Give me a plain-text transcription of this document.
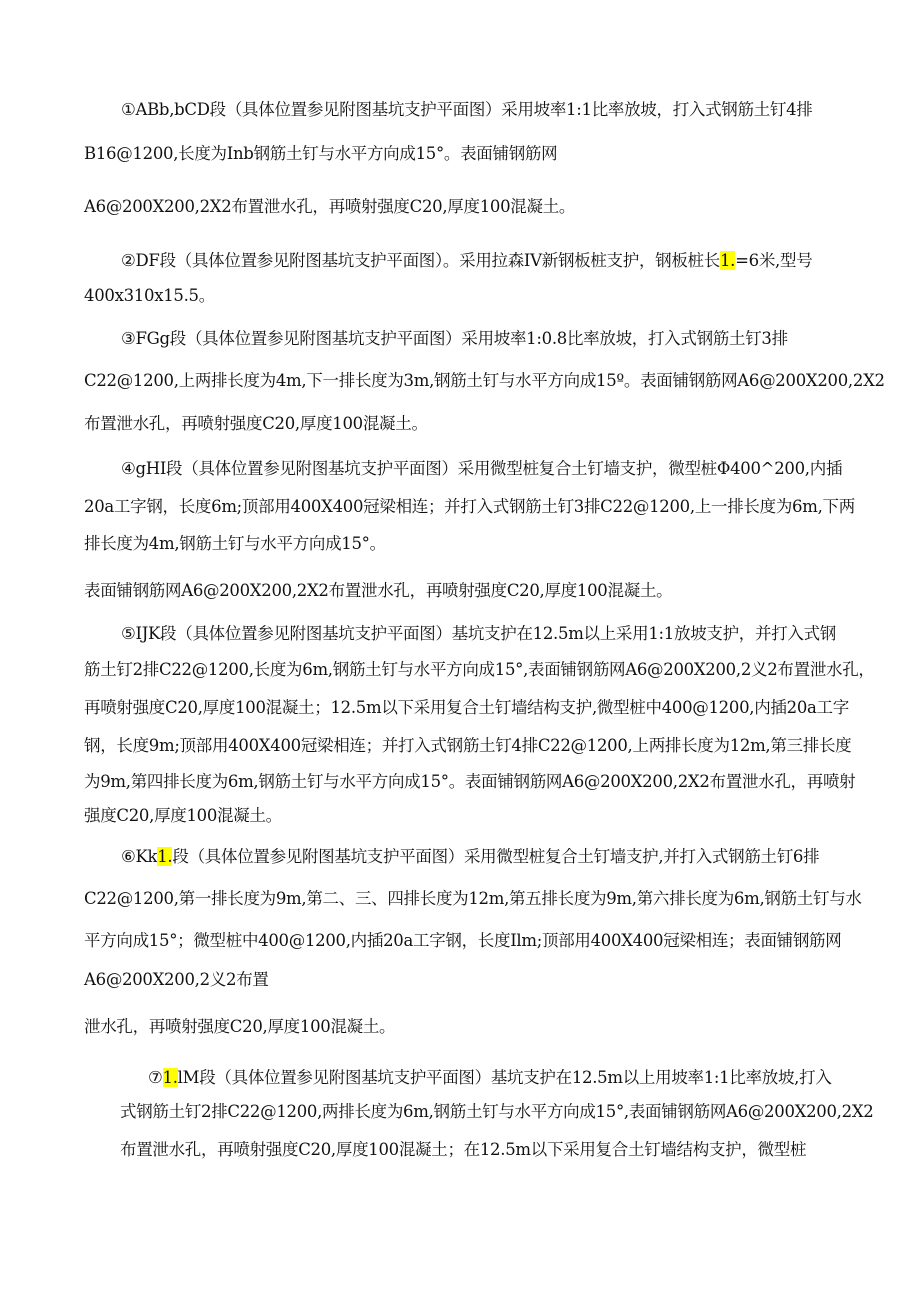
①ABb,bCD段（具体位置参见附图基坑支护平面图）采用坡率1:1比率放坡，打入式钢筋土钉4排
B16@1200,长度为Inb钢筋土钉与水平方向成15°。表面铺钢筋网
A6@200X200,2X2布置泄水孔，再喷射强度C20,厚度100混凝土。
②DF段（具体位置参见附图基坑支护平面图）。采用拉森IV新钢板桩支护，钢板桩长1.=6米,型号
400x310x15.5。
③FGg段（具体位置参见附图基坑支护平面图）采用坡率1:0.8比率放坡，打入式钢筋土钉3排
C22@1200,上两排长度为4m,下一排长度为3m,钢筋土钉与水平方向成15º。表面铺钢筋网A6@200X200,2X2
布置泄水孔，再喷射强度C20,厚度100混凝土。
④gHI段（具体位置参见附图基坑支护平面图）采用微型桩复合土钉墙支护，微型桩Φ400^200,内插
20a工字钢，长度6m;顶部用400X400冠梁相连；并打入式钢筋土钉3排C22@1200,上一排长度为6m,下两
排长度为4m,钢筋土钉与水平方向成15°。
表面铺钢筋网A6@200X200,2X2布置泄水孔，再喷射强度C20,厚度100混凝土。
⑤IJK段（具体位置参见附图基坑支护平面图）基坑支护在12.5m以上采用1:1放坡支护，并打入式钢
筋土钉2排C22@1200,长度为6m,钢筋土钉与水平方向成15°,表面铺钢筋网A6@200X200,2义2布置泄水孔，
再喷射强度C20,厚度100混凝土；12.5m以下采用复合土钉墙结构支护,微型桩中400@1200,内插20a工字
钢，长度9m;顶部用400X400冠梁相连；并打入式钢筋土钉4排C22@1200,上两排长度为12m,第三排长度
为9m,第四排长度为6m,钢筋土钉与水平方向成15°。表面铺钢筋网A6@200X200,2X2布置泄水孔，再喷射
强度C20,厚度100混凝土。
⑥Kk1.段（具体位置参见附图基坑支护平面图）采用微型桩复合土钉墙支护,并打入式钢筋土钉6排
C22@1200,第一排长度为9m,第二、三、四排长度为12m,第五排长度为9m,第六排长度为6m,钢筋土钉与水
平方向成15°；微型桩中400@1200,内插20a工字钢，长度Ilm;顶部用400X400冠梁相连；表面铺钢筋网
A6@200X200,2义2布置
泄水孔，再喷射强度C20,厚度100混凝土。
⑦1.lM段（具体位置参见附图基坑支护平面图）基坑支护在12.5m以上用坡率1:1比率放坡,打入
式钢筋土钉2排C22@1200,两排长度为6m,钢筋土钉与水平方向成15°,表面铺钢筋网A6@200X200,2X2
布置泄水孔，再喷射强度C20,厚度100混凝土；在12.5m以下采用复合土钉墙结构支护，微型桩
